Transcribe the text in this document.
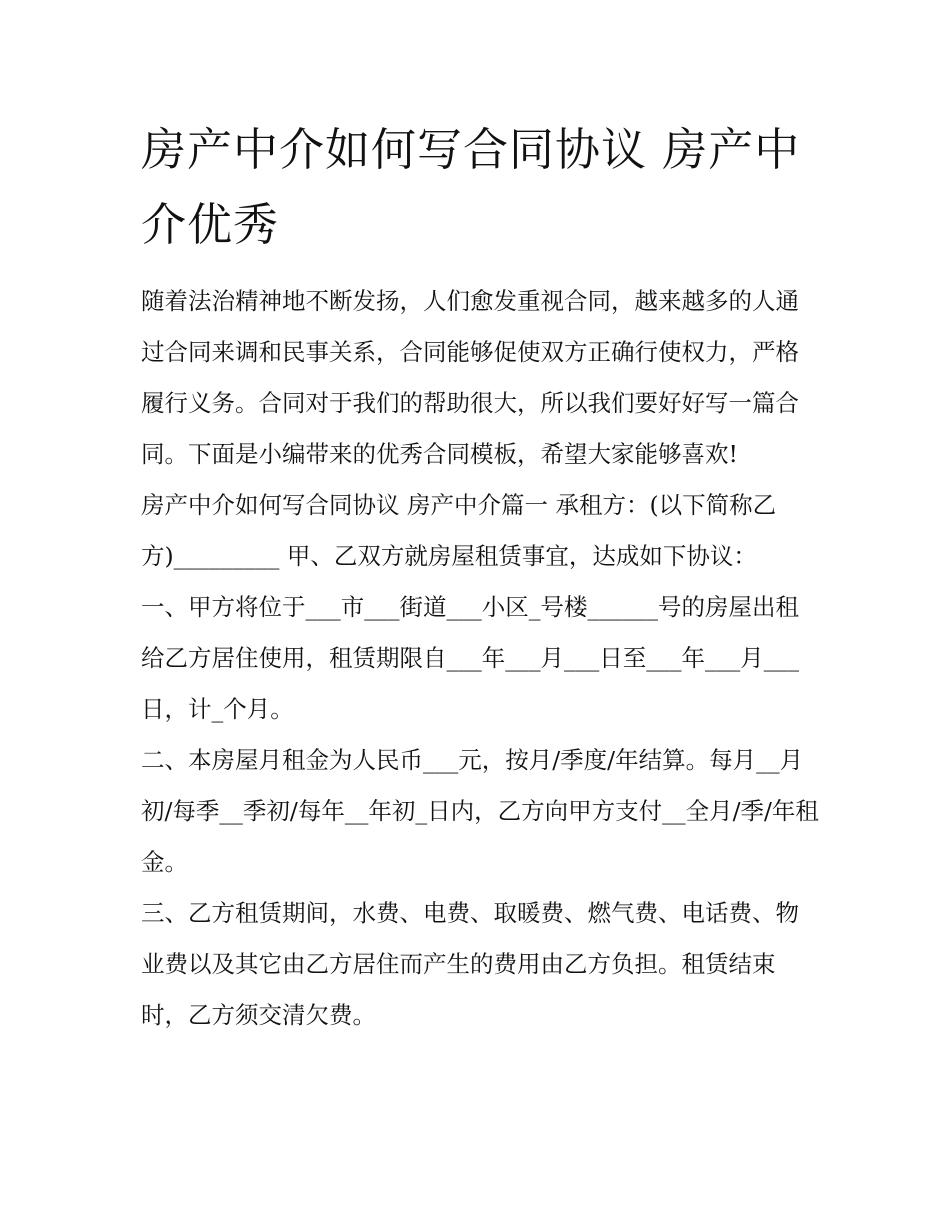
房产中介如何写合同协议 房产中介优秀

随着法治精神地不断发扬，人们愈发重视合同，越来越多的人通过合同来调和民事关系，合同能够促使双方正确行使权力，严格履行义务。合同对于我们的帮助很大，所以我们要好好写一篇合同。下面是小编带来的优秀合同模板，希望大家能够喜欢!

房产中介如何写合同协议 房产中介篇一 承租方：(以下简称乙方)_________ 甲、乙双方就房屋租赁事宜，达成如下协议：

一、甲方将位于___市___街道___小区_号楼______号的房屋出租给乙方居住使用，租赁期限自___年___月___日至___年___月___日，计_个月。

二、本房屋月租金为人民币___元，按月/季度/年结算。每月__月初/每季__季初/每年__年初_日内，乙方向甲方支付__全月/季/年租金。

三、乙方租赁期间，水费、电费、取暖费、燃气费、电话费、物业费以及其它由乙方居住而产生的费用由乙方负担。租赁结束时，乙方须交清欠费。
